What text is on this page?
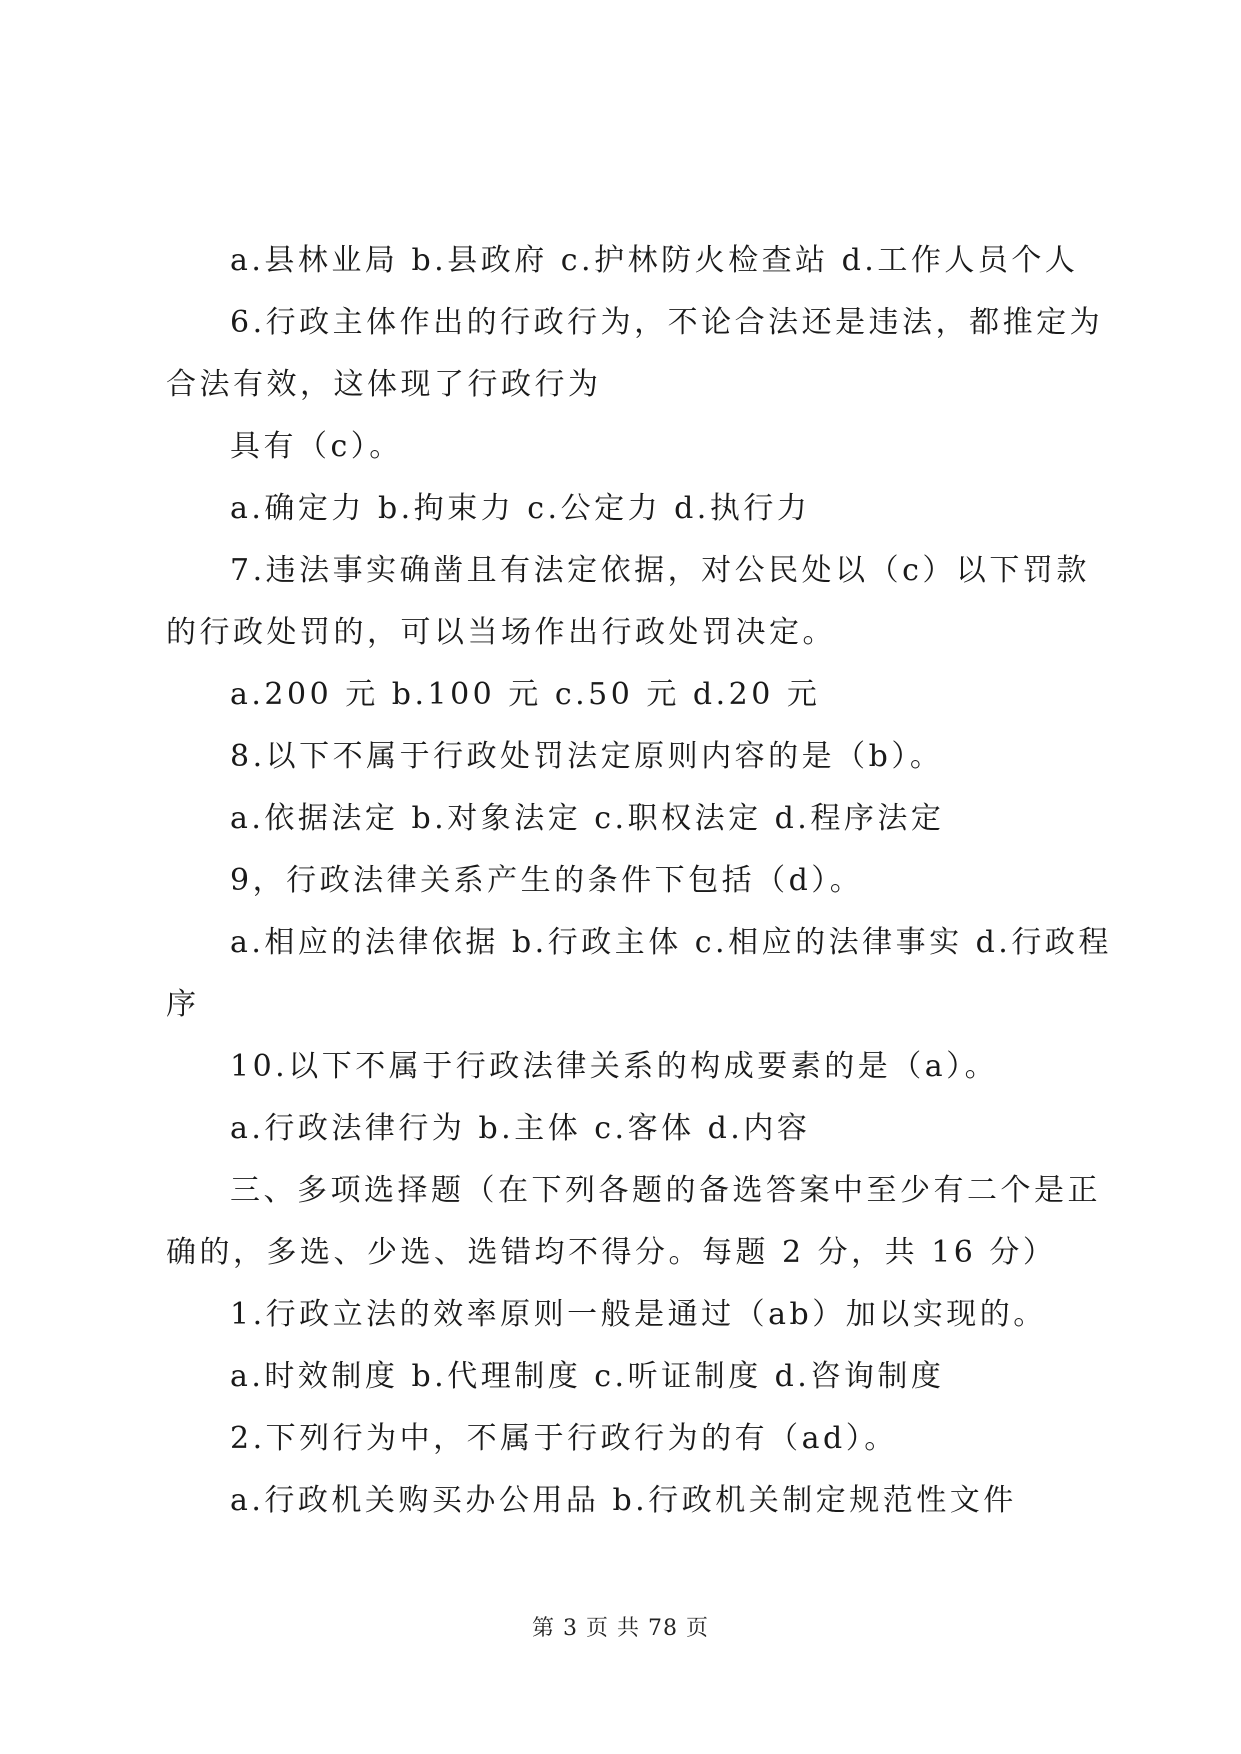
a.县林业局 b.县政府 c.护林防火检查站 d.工作人员个人
6.行政主体作出的行政行为，不论合法还是违法，都推定为
合法有效，这体现了行政行为
具有（c）。
a.确定力 b.拘束力 c.公定力 d.执行力
7.违法事实确凿且有法定依据，对公民处以（c）以下罚款
的行政处罚的，可以当场作出行政处罚决定。
a.200 元 b.100 元 c.50 元 d.20 元
8.以下不属于行政处罚法定原则内容的是（b）。
a.依据法定 b.对象法定 c.职权法定 d.程序法定
9，行政法律关系产生的条件下包括（d）。
a.相应的法律依据 b.行政主体 c.相应的法律事实 d.行政程
序
10.以下不属于行政法律关系的构成要素的是（a）。
a.行政法律行为 b.主体 c.客体 d.内容
三、多项选择题（在下列各题的备选答案中至少有二个是正
确的，多选、少选、选错均不得分。每题 2 分，共 16 分）
1.行政立法的效率原则一般是通过（ab）加以实现的。
a.时效制度 b.代理制度 c.听证制度 d.咨询制度
2.下列行为中，不属于行政行为的有（ad）。
a.行政机关购买办公用品 b.行政机关制定规范性文件
第 3 页 共 78 页
